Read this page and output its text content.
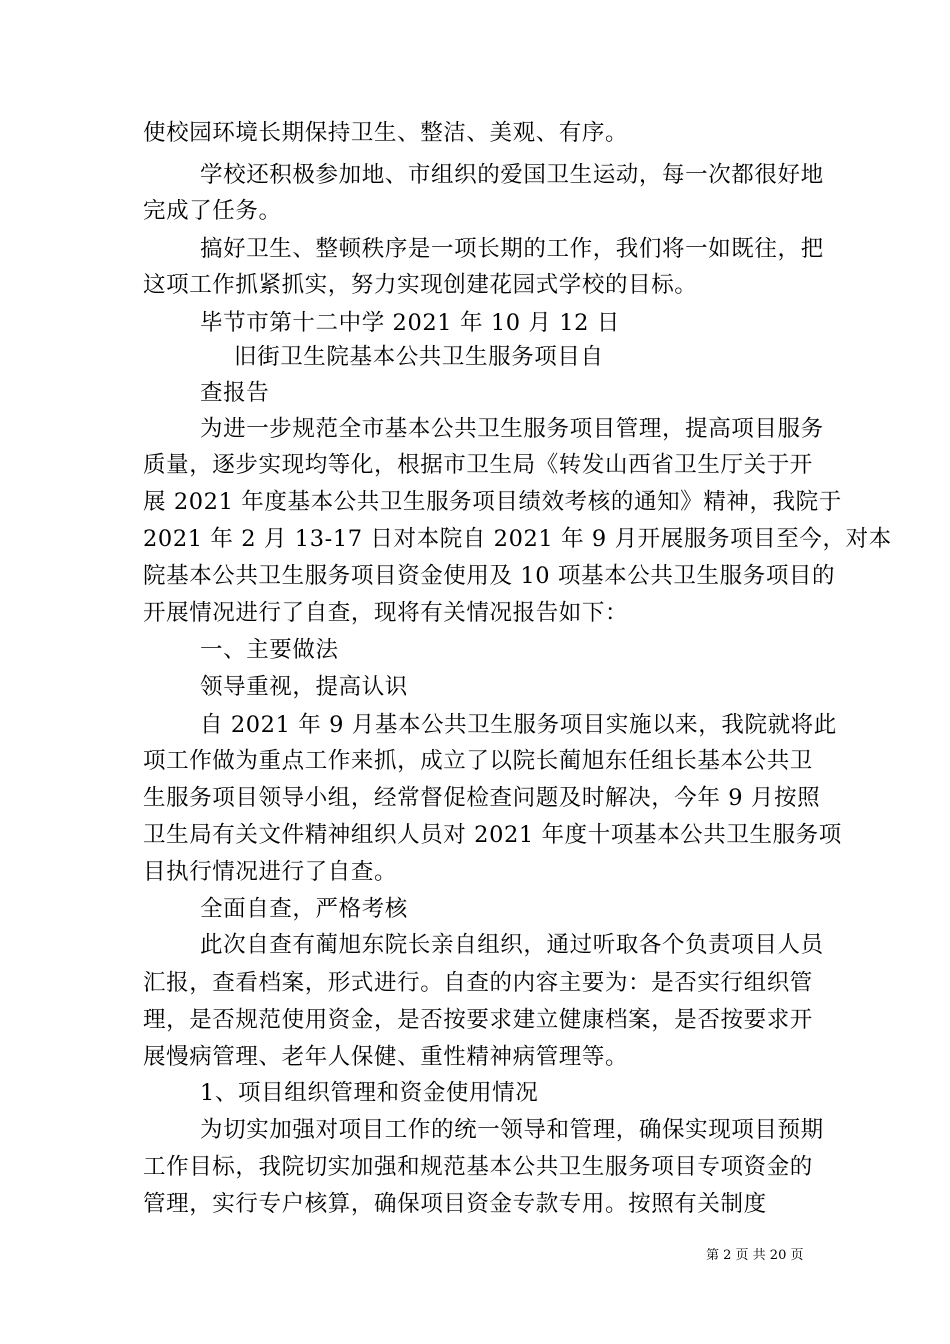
使校园环境长期保持卫生、整洁、美观、有序。
学校还积极参加地、市组织的爱国卫生运动，每一次都很好地
完成了任务。
搞好卫生、整顿秩序是一项长期的工作，我们将一如既往，把
这项工作抓紧抓实，努力实现创建花园式学校的目标。
毕节市第十二中学 2021 年 10 月 12 日
旧街卫生院基本公共卫生服务项目自
查报告
为进一步规范全市基本公共卫生服务项目管理，提高项目服务
质量，逐步实现均等化，根据市卫生局《转发山西省卫生厅关于开
展 2021 年度基本公共卫生服务项目绩效考核的通知》精神，我院于
2021 年 2 月 13-17 日对本院自 2021 年 9 月开展服务项目至今，对本
院基本公共卫生服务项目资金使用及 10 项基本公共卫生服务项目的
开展情况进行了自查，现将有关情况报告如下：
一、主要做法
领导重视，提高认识
自 2021 年 9 月基本公共卫生服务项目实施以来，我院就将此
项工作做为重点工作来抓，成立了以院长蔺旭东任组长基本公共卫
生服务项目领导小组，经常督促检查问题及时解决，今年 9 月按照
卫生局有关文件精神组织人员对 2021 年度十项基本公共卫生服务项
目执行情况进行了自查。
全面自查，严格考核
此次自查有蔺旭东院长亲自组织，通过听取各个负责项目人员
汇报，查看档案，形式进行。自查的内容主要为：是否实行组织管
理，是否规范使用资金，是否按要求建立健康档案，是否按要求开
展慢病管理、老年人保健、重性精神病管理等。
1、项目组织管理和资金使用情况
为切实加强对项目工作的统一领导和管理，确保实现项目预期
工作目标，我院切实加强和规范基本公共卫生服务项目专项资金的
管理，实行专户核算，确保项目资金专款专用。按照有关制度
第 2 页 共 20 页
